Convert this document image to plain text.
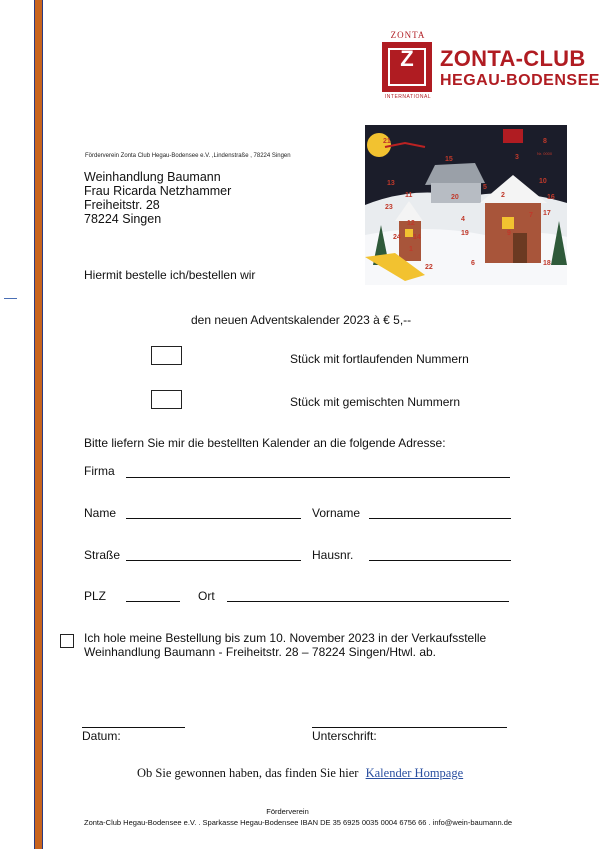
ZONTA
Z
INTERNATIONAL
ZONTA-CLUB
HEGAU-BODENSEE
21	8
15	3
13
5
11	20	16
2
10
23
17
4
7
19
12
24 14
22
1
6
9
18
Nr. 0000
Förderverein Zonta Club Hegau-Bodensee e.V. ,Lindenstraße , 78224 Singen
Weinhandlung Baumann
Frau Ricarda Netzhammer
Freiheitstr. 28
78224 Singen
Hiermit bestelle ich/bestellen wir
den neuen Adventskalender 2023 à € 5,--
Stück mit fortlaufenden Nummern
Stück mit gemischten Nummern
Bitte liefern Sie mir die bestellten Kalender an die folgende Adresse:
Firma
Name	Vorname
Straße	Hausnr.
PLZ	Ort
Ich hole meine Bestellung bis zum 10. November 2023 in der Verkaufsstelle
Weinhandlung Baumann - Freiheitstr. 28 – 78224 Singen/Htwl. ab.
Datum:	Unterschrift:
Ob Sie gewonnen haben, das finden Sie hier Kalender Hompage
Förderverein
Zonta-Club Hegau-Bodensee e.V. . Sparkasse Hegau-Bodensee IBAN DE 35 6925 0035 0004 6756 66 . info@wein-baumann.de
